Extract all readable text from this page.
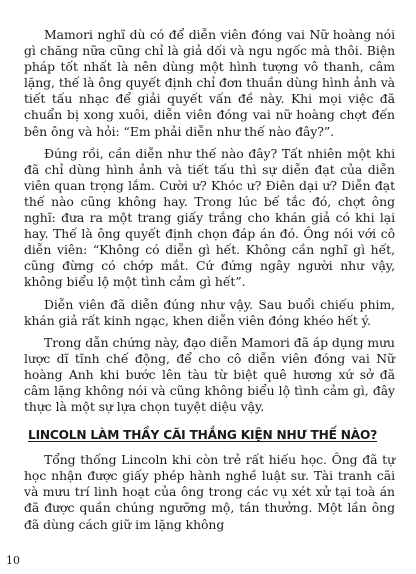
Mamori nghĩ dù có để diễn viên đóng vai Nữ hoàng nói gì chăng nữa cũng chỉ là giả dối và ngu ngốc mà thôi. Biện pháp tốt nhất là nên dùng một hình tượng vô thanh, câm lặng, thế là ông quyết định chỉ đơn thuần dùng hình ảnh và tiết tấu nhạc để giải quyết vấn đề này. Khi mọi việc đã chuẩn bị xong xuôi, diễn viên đóng vai nữ hoàng chợt đến bên ông và hỏi: “Em phải diễn như thế nào đây?”.

Đúng rồi, cần diễn như thế nào đây? Tất nhiên một khi đã chỉ dùng hình ảnh và tiết tấu thì sự diễn đạt của diễn viên quan trọng lắm. Cười ư? Khóc ư? Điên dại ư? Diễn đạt thế nào cũng không hay. Trong lúc bế tắc đó, chợt ông nghĩ: đưa ra một trang giấy trắng cho khán giả có khi lại hay. Thế là ông quyết định chọn đáp án đó. Ông nói với cô diễn viên: “Không có diễn gì hết. Không cần nghĩ gì hết, cũng đừng có chớp mắt. Cứ đứng ngây người như vậy, không biểu lộ một tình cảm gì hết”.

Diễn viên đã diễn đúng như vậy. Sau buổi chiếu phim, khán giả rất kinh ngạc, khen diễn viên đóng khéo hết ý.

Trong dẫn chứng này, đạo diễn Mamori đã áp dụng mưu lược dĩ tĩnh chế động, để cho cô diễn viên đóng vai Nữ hoàng Anh khi bước lên tàu từ biệt quê hương xứ sở đã câm lặng không nói và cũng không biểu lộ tình cảm gì, đây thực là một sự lựa chọn tuyệt diệu vậy.

LINCOLN LÀM THẦY CÃI THẮNG KIỆN NHƯ THẾ NÀO?

Tổng thống Lincoln khi còn trẻ rất hiếu học. Ông đã tự học nhận được giấy phép hành nghề luật sư. Tài tranh cãi và mưu trí linh hoạt của ông trong các vụ xét xử tại toà án đã được quần chúng ngưỡng mộ, tán thưởng. Một lần ông đã dùng cách giữ im lặng không

10
